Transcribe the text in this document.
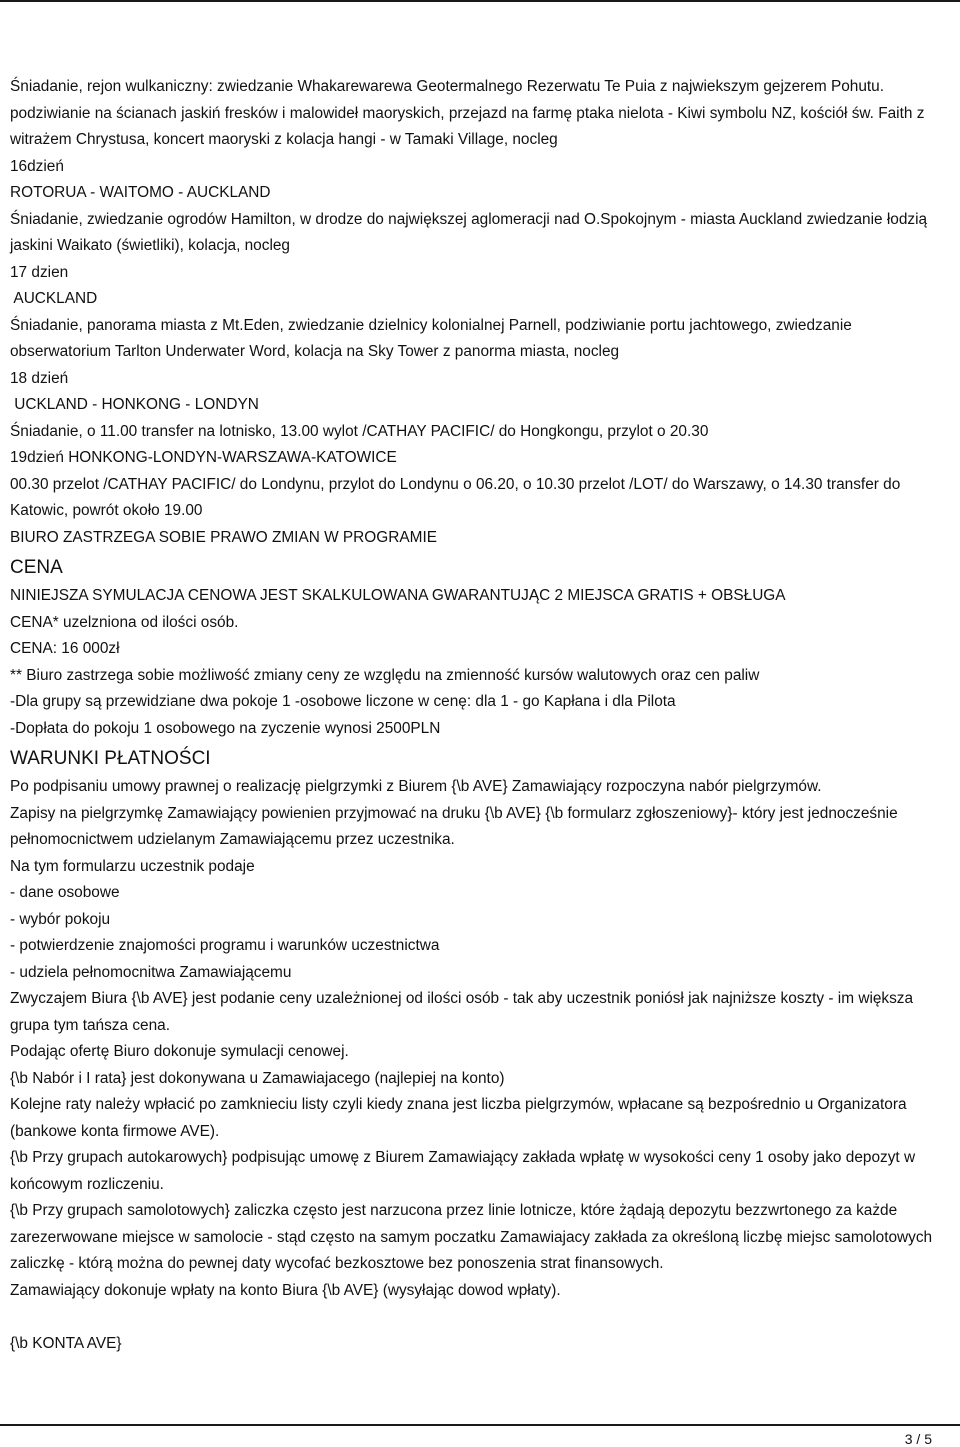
Śniadanie, rejon wulkaniczny: zwiedzanie Whakarewarewa Geotermalnego Rezerwatu Te Puia z najwiekszym gejzerem Pohutu. podziwianie na ścianach jaskiń fresków i malowideł maoryskich, przejazd na farmę ptaka nielota - Kiwi symbolu NZ, kościół św. Faith z witrażem Chrystusa, koncert maoryski z kolacja hangi - w Tamaki Village, nocleg

16dzień

ROTORUA - WAITOMO - AUCKLAND

Śniadanie, zwiedzanie ogrodów Hamilton, w drodze do największej aglomeracji nad O.Spokojnym - miasta Auckland zwiedzanie łodzią jaskini Waikato (świetliki), kolacja, nocleg

17 dzien

AUCKLAND

Śniadanie, panorama miasta z Mt.Eden, zwiedzanie dzielnicy kolonialnej Parnell, podziwianie portu jachtowego, zwiedzanie obserwatorium Tarlton Underwater Word, kolacja na Sky Tower z panorma miasta, nocleg

18 dzień

UCKLAND - HONKONG - LONDYN

Śniadanie, o 11.00 transfer na lotnisko, 13.00 wylot /CATHAY PACIFIC/ do Hongkongu, przylot o 20.30

19dzień HONKONG-LONDYN-WARSZAWA-KATOWICE

00.30 przelot /CATHAY PACIFIC/ do Londynu, przylot do Londynu o 06.20, o 10.30 przelot /LOT/ do Warszawy, o 14.30 transfer do Katowic, powrót około 19.00

BIURO ZASTRZEGA SOBIE PRAWO ZMIAN W PROGRAMIE

CENA

NINIEJSZA SYMULACJA CENOWA JEST SKALKULOWANA GWARANTUJĄC 2 MIEJSCA GRATIS + OBSŁUGA

CENA* uzelzniona od ilości osób.

CENA: 16 000zł

** Biuro zastrzega sobie możliwość zmiany ceny ze względu na zmienność kursów walutowych oraz cen paliw

-Dla grupy są przewidziane dwa pokoje 1 -osobowe liczone w cenę: dla 1 - go Kapłana i dla Pilota

-Dopłata do pokoju 1 osobowego na zyczenie wynosi 2500PLN

WARUNKI PŁATNOŚCI

Po podpisaniu umowy prawnej o realizację pielgrzymki z Biurem {\b AVE} Zamawiający rozpoczyna nabór pielgrzymów.

Zapisy na pielgrzymkę Zamawiający powienien przyjmować na druku {\b AVE} {\b formularz zgłoszeniowy}- który jest jednocześnie pełnomocnictwem udzielanym Zamawiającemu przez uczestnika.

Na tym formularzu uczestnik podaje

- dane osobowe

- wybór pokoju

- potwierdzenie znajomości programu i warunków uczestnictwa

- udziela pełnomocnitwa Zamawiającemu

Zwyczajem Biura {\b AVE} jest podanie ceny uzależnionej od ilości osób - tak aby uczestnik poniósł jak najniższe koszty - im większa grupa tym tańsza cena.

Podając ofertę Biuro dokonuje symulacji cenowej.

{\b Nabór i I rata} jest dokonywana u Zamawiajacego (najlepiej na konto)

Kolejne raty należy wpłacić po zamknieciu listy czyli kiedy znana jest liczba pielgrzymów, wpłacane są bezpośrednio u Organizatora (bankowe konta firmowe AVE).

{\b Przy grupach autokarowych} podpisując umowę z Biurem Zamawiający zakłada wpłatę w wysokości ceny 1 osoby jako depozyt w końcowym rozliczeniu.

{\b Przy grupach samolotowych} zaliczka często jest narzucona przez linie lotnicze, które żądają depozytu bezzwrtonego za każde zarezerwowane miejsce w samolocie - stąd często na samym poczatku Zamawiajacy zakłada za określoną liczbę miejsc samolotowych zaliczkę - którą można do pewnej daty wycofać bezkosztowe bez ponoszenia strat finansowych.

Zamawiający dokonuje wpłaty na konto Biura {\b AVE} (wysyłając dowod wpłaty).

{\b KONTA AVE}

3 / 5
